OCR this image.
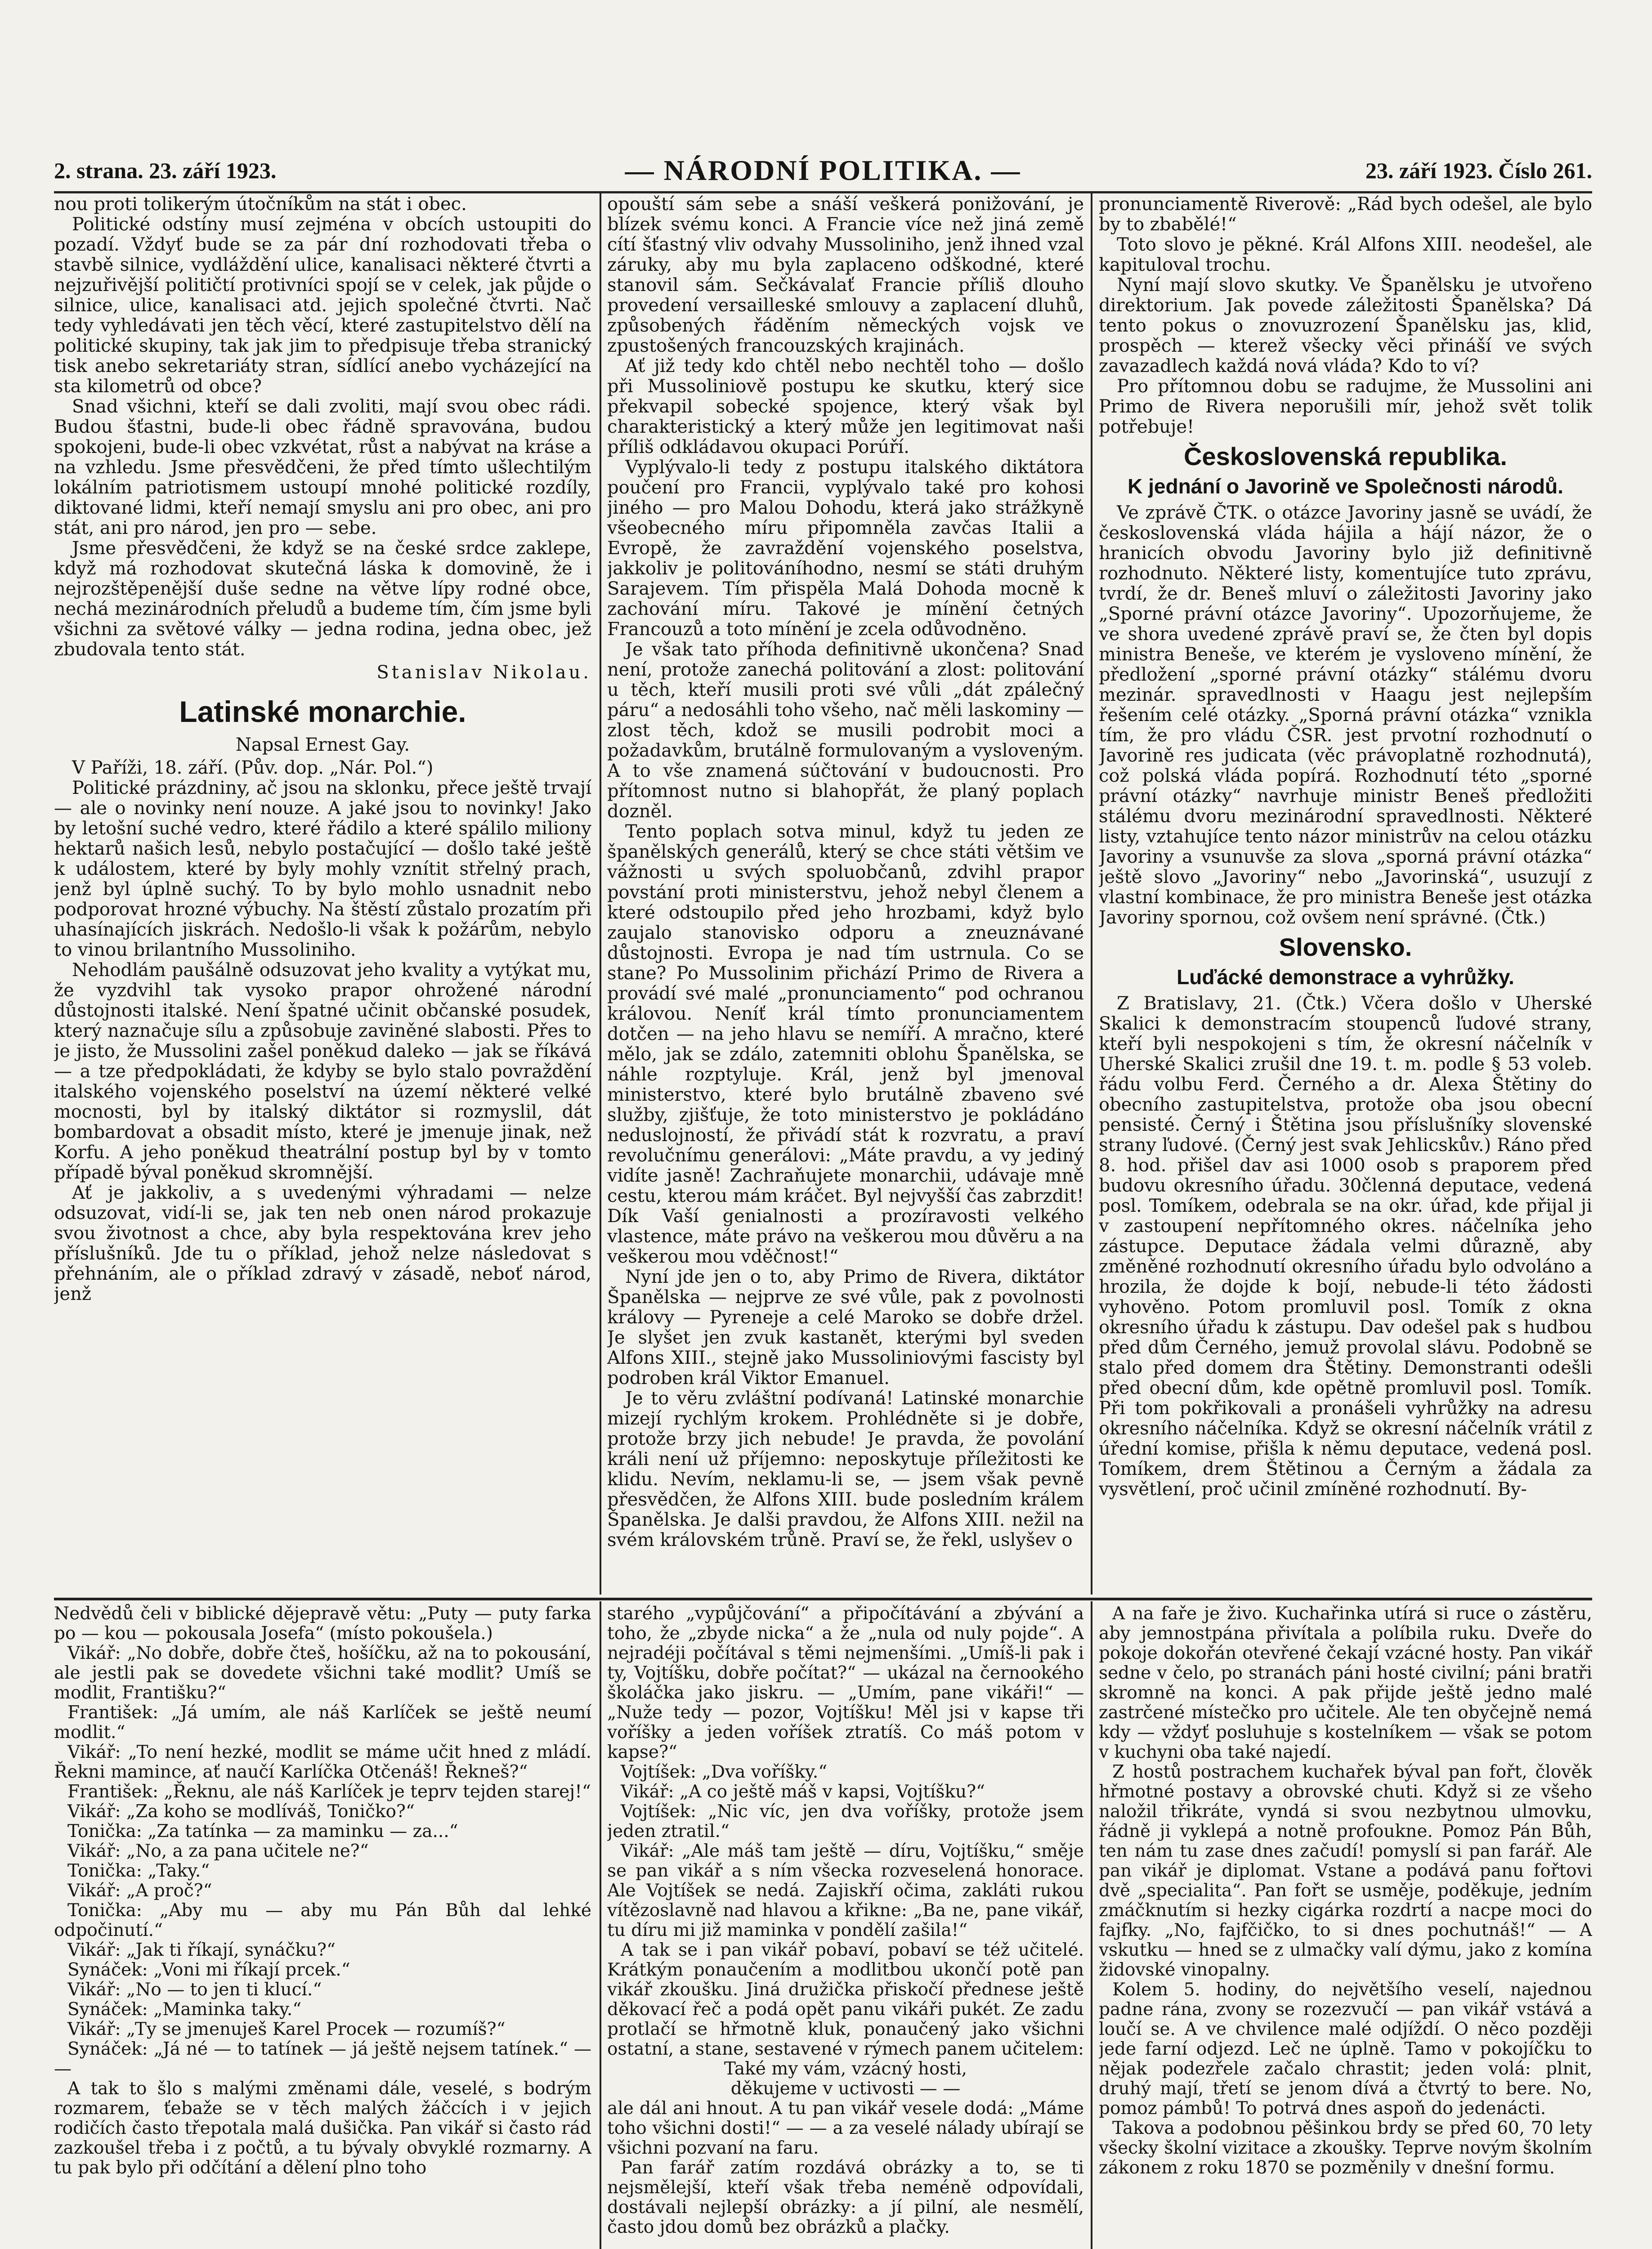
2. strana. 23. září 1923.	— NÁRODNÍ POLITIKA. —	23. září 1923. Číslo 261.

nou proti tolikerým útočníkům na stát i obec.

Politické odstíny musí zejména v obcích ustoupiti do pozadí. Vždyť bude se za pár dní rozhodovati třeba o stavbě silnice, vydláždění ulice, kanalisaci některé čtvrti a nejzuřivější političtí protivníci spojí se v celek, jak půjde o silnice, ulice, kanalisaci atd. jejich společné čtvrti. Nač tedy vyhledávati jen těch věcí, které zastupitelstvo dělí na politické skupiny, tak jak jim to předpisuje třeba stranický tisk anebo sekretariáty stran, sídlící anebo vycházející na sta kilometrů od obce?

Snad všichni, kteří se dali zvoliti, mají svou obec rádi. Budou šťastni, bude-li obec řádně spravována, budou spokojeni, bude-li obec vzkvétat, růst a nabývat na kráse a na vzhledu. Jsme přesvědčeni, že před tímto ušlechtilým lokálním patriotismem ustoupí mnohé politické rozdíly, diktované lidmi, kteří nemají smyslu ani pro obec, ani pro stát, ani pro národ, jen pro — sebe.

Jsme přesvědčeni, že když se na české srdce zaklepe, když má rozhodovat skutečná láska k domovině, že i nejrozštěpenější duše sedne na větve lípy rodné obce, nechá mezinárodních přeludů a budeme tím, čím jsme byli všichni za světové války — jedna rodina, jedna obec, jež zbudovala tento stát.

Stanislav Nikolau.
Latinské monarchie.

Napsal Ernest Gay.

V Paříži, 18. září. (Pův. dop. „Nár. Pol.“)

Politické prázdniny, ač jsou na sklonku, přece ještě trvají — ale o novinky není nouze. A jaké jsou to novinky! Jako by letošní suché vedro, které řádilo a které spálilo miliony hektarů našich lesů, nebylo postačující — došlo také ještě k událostem, které by byly mohly vznítit střelný prach, jenž byl úplně suchý. To by bylo mohlo usnadnit nebo podporovat hrozné výbuchy. Na štěstí zůstalo prozatím při uhasínajících jiskrách. Nedošlo-li však k požárům, nebylo to vinou brilantního Mussoliniho.

Nehodlám paušálně odsuzovat jeho kvality a vytýkat mu, že vyzdvihl tak vysoko prapor ohrožené národní důstojnosti italské. Není špatné učinit občanské posudek, který naznačuje sílu a způsobuje zaviněné slabosti. Přes to je jisto, že Mussolini zašel poněkud daleko — jak se říkává — a tze předpokládati, že kdyby se bylo stalo povraždění italského vojenského poselství na území některé velké mocnosti, byl by italský diktátor si rozmyslil, dát bombardovat a obsadit místo, které je jmenuje jinak, než Korfu. A jeho poněkud theatrální postup byl by v tomto případě býval poněkud skromnější.

Ať je jakkoliv, a s uvedenými výhradami — nelze odsuzovat, vidí-li se, jak ten neb onen národ prokazuje svou životnost a chce, aby byla respektována krev jeho příslušníků. Jde tu o příklad, jehož nelze následovat s přehnáním, ale o příklad zdravý v zásadě, neboť národ, jenž

opouští sám sebe a snáší veškerá ponižování, je blízek svému konci. A Francie více než jiná země cítí šťastný vliv odvahy Mussoliniho, jenž ihned vzal záruky, aby mu byla zaplaceno odškodné, které stanovil sám. Sečkávalať Francie příliš dlouho provedení versailleské smlouvy a zaplacení dluhů, způsobených řáděním německých vojsk ve zpustošených francouzských krajinách.

Ať již tedy kdo chtěl nebo nechtěl toho — došlo při Mussoliniově postupu ke skutku, který sice překvapil sobecké spojence, který však byl charakteristický a který může jen legitimovat naši příliš odkládavou okupaci Porúří.

Vyplývalo-li tedy z postupu italského diktátora poučení pro Francii, vyplývalo také pro kohosi jiného — pro Malou Dohodu, která jako strážkyně všeobecného míru připomněla zavčas Italii a Evropě, že zavraždění vojenského poselstva, jakkoliv je politováníhodno, nesmí se státi druhým Sarajevem. Tím přispěla Malá Dohoda mocně k zachování míru. Takové je mínění četných Francouzů a toto mínění je zcela odůvodněno.

Je však tato příhoda definitivně ukončena? Snad není, protože zanechá politování a zlost: politování u těch, kteří musili proti své vůli „dát zpálečný páru“ a nedosáhli toho všeho, nač měli laskominy — zlost těch, kdož se musili podrobit moci a požadavkům, brutálně formulovaným a vysloveným. A to vše znamená súčtování v budoucnosti. Pro přítomnost nutno si blahopřát, že planý poplach dozněl.

Tento poplach sotva minul, když tu jeden ze španělských generálů, který se chce státi většim ve vážnosti u svých spoluobčanů, zdvihl prapor povstání proti ministerstvu, jehož nebyl členem a které odstoupilo před jeho hrozbami, když bylo zaujalo stanovisko odporu a zneuznávané důstojnosti. Evropa je nad tím ustrnula. Co se stane? Po Mussolinim přichází Primo de Rivera a provádí své malé „pronunciamento“ pod ochranou královou. Neníť král tímto pronunciamentem dotčen — na jeho hlavu se nemíří. A mračno, které mělo, jak se zdálo, zatemniti oblohu Španělska, se náhle rozptyluje. Král, jenž byl jmenoval ministerstvo, které bylo brutálně zbaveno své služby, zjišťuje, že toto ministerstvo je pokládáno neduslojností, že přivádí stát k rozvratu, a praví revolučnímu generálovi: „Máte pravdu, a vy jediný vidíte jasně! Zachraňujete monarchii, udávaje mně cestu, kterou mám kráčet. Byl nejvyšší čas zabrzdit! Dík Vaší genialnosti a prozíravosti velkého vlastence, máte právo na veškerou mou důvěru a na veškerou mou vděčnost!“

Nyní jde jen o to, aby Primo de Rivera, diktátor Španělska — nejprve ze své vůle, pak z povolnosti královy — Pyreneje a celé Maroko se dobře držel. Je slyšet jen zvuk kastanět, kterými byl sveden Alfons XIII., stejně jako Mussoliniovými fascisty byl podroben král Viktor Emanuel.

Je to věru zvláštní podívaná! Latinské monarchie mizejí rychlým krokem. Prohlédněte si je dobře, protože brzy jich nebude! Je pravda, že povolání králi není už příjemno: neposkytuje příležitosti ke klidu. Nevím, neklamu-li se, — jsem však pevně přesvědčen, že Alfons XIII. bude posledním králem Španělska. Je dalši pravdou, že Alfons XIII. nežil na svém královském trůně. Praví se, že řekl, uslyšev o

pronunciamentě Riverově: „Rád bych odešel, ale bylo by to zbabělé!“

Toto slovo je pěkné. Král Alfons XIII. neodešel, ale kapituloval trochu.

Nyní mají slovo skutky. Ve Španělsku je utvořeno direktorium. Jak povede záležitosti Španělska? Dá tento pokus o znovuzrození Španělsku jas, klid, prospěch — kterež všecky věci přináší ve svých zavazadlech každá nová vláda? Kdo to ví?

Pro přítomnou dobu se radujme, že Mussolini ani Primo de Rivera neporušili mír, jehož svět tolik potřebuje!

Československá republika.
K jednání o Javorině ve Společnosti národů.

Ve zprávě ČTK. o otázce Javoriny jasně se uvádí, že československá vláda hájila a hájí názor, že o hranicích obvodu Javoriny bylo již definitivně rozhodnuto. Některé listy, komentujíce tuto zprávu, tvrdí, že dr. Beneš mluví o záležitosti Javoriny jako „Sporné právní otázce Javoriny“. Upozorňujeme, že ve shora uvedené zprávě praví se, že čten byl dopis ministra Beneše, ve kterém je vysloveno mínění, že předložení „sporné právní otázky“ stálému dvoru mezinár. spravedlnosti v Haagu jest nejlepším řešením celé otázky. „Sporná právní otázka“ vznikla tím, že pro vládu ČSR. jest prvotní rozhodnutí o Javorině res judicata (věc právoplatně rozhodnutá), což polská vláda popírá. Rozhodnutí této „sporné právní otázky“ navrhuje ministr Beneš předložiti stálému dvoru mezinárodní spravedlnosti. Některé listy, vztahujíce tento názor ministrův na celou otázku Javoriny a vsunuvše za slova „sporná právní otázka“ ještě slovo „Javoriny“ nebo „Javorinská“, usuzují z vlastní kombinace, že pro ministra Beneše jest otázka Javoriny spornou, což ovšem není správné. (Čtk.)

Slovensko.
Luďácké demonstrace a vyhrůžky.

Z Bratislavy, 21. (Čtk.) Včera došlo v Uherské Skalici k demonstracím stoupenců ľudové strany, kteří byli nespokojeni s tím, že okresní náčelník v Uherské Skalici zrušil dne 19. t. m. podle § 53 voleb. řádu volbu Ferd. Černého a dr. Alexa Štětiny do obecního zastupitelstva, protože oba jsou obecní pensisté. Černý i Štětina jsou příslušníky slovenské strany ľudové. (Černý jest svak Jehlicskův.) Ráno před 8. hod. přišel dav asi 1000 osob s praporem před budovu okresního úřadu. 30členná deputace, vedená posl. Tomíkem, odebrala se na okr. úřad, kde přijal ji v zastoupení nepřítomného okres. náčelníka jeho zástupce. Deputace žádala velmi důrazně, aby změněné rozhodnutí okresního úřadu bylo odvoláno a hrozila, že dojde k bojí, nebude-li této žádosti vyhověno. Potom promluvil posl. Tomík z okna okresního úřadu k zástupu. Dav odešel pak s hudbou před dům Černého, jemuž provolal slávu. Podobně se stalo před domem dra Štětiny. Demonstranti odešli před obecní dům, kde opětně promluvil posl. Tomík. Při tom pokřikovali a pronášeli vyhrůžky na adresu okresního náčelníka. Když se okresní náčelník vrátil z úřední komise, přišla k němu deputace, vedená posl. Tomíkem, drem Štětinou a Černým a žádala za vysvětlení, proč učinil zmíněné rozhodnutí. By-

Nedvědů čeli v biblické dějepravě větu: „Puty — puty farka po — kou — pokousala Josefa“ (místo pokoušela.)

Vikář: „No dobře, dobře čteš, hošíčku, až na to pokousání, ale jestli pak se dovedete všichni také modlit? Umíš se modlit, Františku?“

František: „Já umím, ale náš Karlíček se ještě neumí modlit.“

Vikář: „To není hezké, modlit se máme učit hned z mládí. Řekni mamince, ať naučí Karlíčka Otčenáš! Řekneš?“

František: „Řeknu, ale náš Karlíček je teprv tejden starej!“

Vikář: „Za koho se modlíváš, Toničko?“

Tonička: „Za tatínka — za maminku — za...“

Vikář: „No, a za pana učitele ne?“

Tonička: „Taky.“

Vikář: „A proč?“

Tonička: „Aby mu — aby mu Pán Bůh dal lehké odpočinutí.“

Vikář: „Jak ti říkají, synáčku?“

Synáček: „Voni mi říkají prcek.“

Vikář: „No — to jen ti klucí.“

Synáček: „Maminka taky.“

Vikář: „Ty se jmenuješ Karel Procek — rozumíš?“

Synáček: „Já né — to tatínek — já ještě nejsem tatínek.“ — —

A tak to šlo s malými změnami dále, veselé, s bodrým rozmarem, ťebaže se v těch malých žáčcích i v jejich rodičích často třepotala malá dušička. Pan vikář si často rád zazkoušel třeba i z počtů, a tu bývaly obvyklé rozmarny. A tu pak bylo při odčítání a dělení plno toho

starého „vypůjčování“ a připočítávání a zbývání a toho, že „zbyde nicka“ a že „nula od nuly pojde“. A nejradéji počítával s těmi nejmenšími. „Umíš-li pak i ty, Vojtíšku, dobře počítat?“ — ukázal na černookého školáčka jako jiskru. — „Umím, pane vikáři!“ — „Nuže tedy — pozor, Vojtíšku! Měl jsi v kapse tři voříšky a jeden voříšek ztratíš. Co máš potom v kapse?“

Vojtíšek: „Dva voříšky.“

Vikář: „A co ještě máš v kapsi, Vojtíšku?“

Vojtíšek: „Nic víc, jen dva voříšky, protože jsem jeden ztratil.“

Vikář: „Ale máš tam ještě — díru, Vojtíšku,“ směje se pan vikář a s ním všecka rozveselená honorace. Ale Vojtíšek se nedá. Zajiskří očima, zakláti rukou vítězoslavně nad hlavou a křikne: „Ba ne, pane vikář, tu díru mi již maminka v pondělí zašila!“

A tak se i pan vikář pobaví, pobaví se též učitelé. Krátkým ponaučením a modlitbou ukončí potě pan vikář zkoušku. Jiná družička přiskočí přednese ještě děkovací řeč a podá opět panu vikáři pukét. Ze zadu protlačí se hřmotně kluk, ponaučený jako všichni ostatní, a stane, sestavené v rýmech panem učitelem:

Také my vám, vzácný hosti,

děkujeme v uctivosti — —

ale dál ani hnout. A tu pan vikář vesele dodá: „Máme toho všichni dosti!“ — — a za veselé nálady ubírají se všichni pozvaní na faru.

Pan farář zatím rozdává obrázky a to, se ti nejsmělejší, kteří však třeba neméně odpovídali, dostávali nejlepší obrázky: a jí pilní, ale nesmělí, často jdou domů bez obrázků a plačky.

A na faře je živo. Kuchařinka utírá si ruce o zástěru, aby jemnostpána přivítala a políbila ruku. Dveře do pokoje dokořán otevřené čekají vzácné hosty. Pan vikář sedne v čelo, po stranách páni hosté civilní; páni bratři skromně na konci. A pak přijde ještě jedno malé zastrčené místečko pro učitele. Ale ten obyčejně nemá kdy — vždyť posluhuje s kostelníkem — však se potom v kuchyni oba také najedí.

Z hostů postrachem kuchařek býval pan fořt, člověk hřmotné postavy a obrovské chuti. Když si ze všeho naložil třikráte, vyndá si svou nezbytnou ulmovku, řádně ji vyklepá a notně profoukne. Pomoz Pán Bůh, ten nám tu zase dnes začudí! pomyslí si pan farář. Ale pan vikář je diplomat. Vstane a podává panu fořtovi dvě „specialita“. Pan fořt se usměje, poděkuje, jedním zmáčknutím si hezky cigárka rozdrtí a nacpe moci do fajfky. „No, fajfčičko, to si dnes pochutnáš!“ — A vskutku — hned se z ulmačky valí dýmu, jako z komína židovské vinopalny.

Kolem 5. hodiny, do největšího veselí, najednou padne rána, zvony se rozezvučí — pan vikář vstává a loučí se. A ve chvilence malé odjíždí. O něco později jede farní odjezd. Leč ne úplně. Tamo v pokojíčku to nějak podezřele začalo chrastit; jeden volá: plnit, druhý mají, třetí se jenom dívá a čtvrtý to bere. No, pomoz pámbů! To potrvá dnes aspoň do jedenácti.

Takova a podobnou pěšinkou brdy se před 60, 70 lety všecky školní vizitace a zkoušky. Teprve novým školním zákonem z roku 1870 se pozměnily v dnešní formu.
